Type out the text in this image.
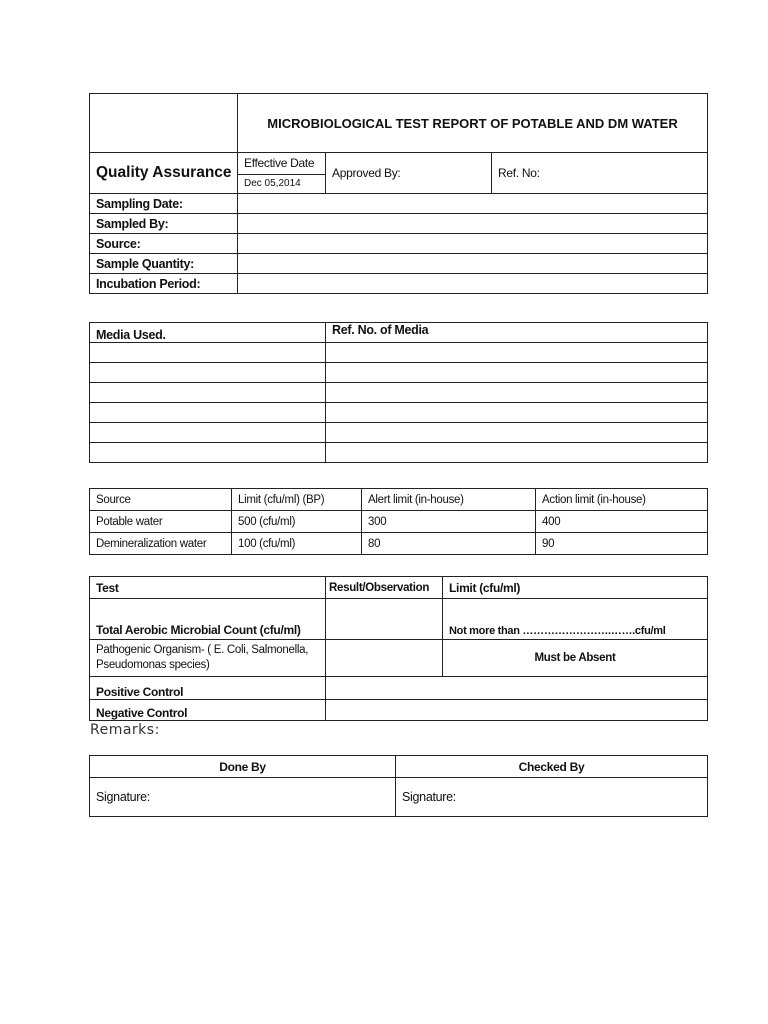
	MICROBIOLOGICAL TEST REPORT OF POTABLE AND DM WATER		
Quality Assurance	Effective Date	Approved By:	Ref. No:
	Dec 05,2014		
Sampling Date:			
Sampled By:			
Source:			
Sample Quantity:			
Incubation Period:			
Media Used.	Ref. No. of Media

Source	Limit (cfu/ml) (BP)	Alert limit (in-house)	Action limit (in-house)
Potable water	500 (cfu/ml)	300	400
Demineralization water	100 (cfu/ml)	80	90
Test	Result/Observation	Limit (cfu/ml)
Total Aerobic Microbial Count (cfu/ml)		Not more than …………………….…….cfu/ml
Pathogenic Organism- ( E. Coli, Salmonella,
Pseudomonas species)		Must be Absent
Positive Control		
Negative Control		
Remarks:
Done By	Checked By
Signature:	Signature:
